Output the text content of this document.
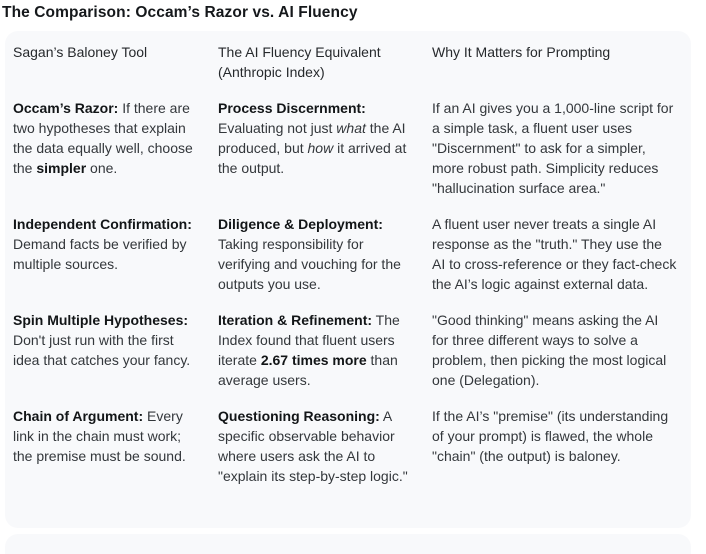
The Comparison: Occam’s Razor vs. AI Fluency
Sagan’s Baloney Tool	The AI Fluency Equivalent (Anthropic Index)
Why It Matters for Prompting
Occam’s Razor: If there are two hypotheses that explain the data equally well, choose the simpler one.
Process Discernment: Evaluating not just what the AI produced, but how it arrived at the output.
If an AI gives you a 1,000-line script for a simple task, a fluent user uses "Discernment" to ask for a simpler, more robust path. Simplicity reduces "hallucination surface area."
Independent Confirmation: Demand facts be verified by multiple sources.
Diligence & Deployment: Taking responsibility for verifying and vouching for the outputs you use.
A fluent user never treats a single AI response as the "truth." They use the AI to cross-reference or they fact-check the AI’s logic against external data.
Spin Multiple Hypotheses: Don't just run with the first idea that catches your fancy.
Iteration & Refinement: The Index found that fluent users iterate 2.67 times more than average users.
"Good thinking" means asking the AI for three different ways to solve a problem, then picking the most logical one (Delegation).
Chain of Argument: Every link in the chain must work; the premise must be sound.
Questioning Reasoning: A specific observable behavior where users ask the AI to "explain its step-by-step logic."
If the AI’s "premise" (its understanding of your prompt) is flawed, the whole "chain" (the output) is baloney.
